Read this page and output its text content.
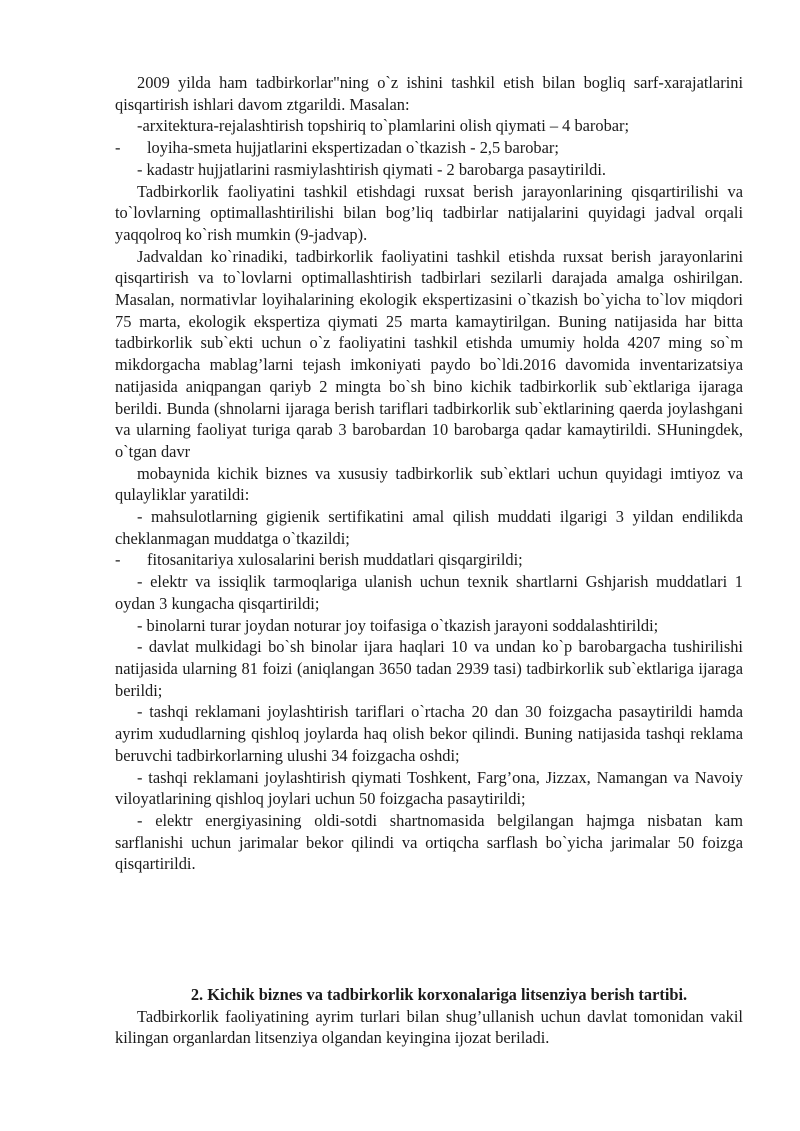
2009 yilda ham tadbirkorlar"ning o`z ishini tashkil etish bilan bogliq sarf-xarajatlarini qisqartirish ishlari davom ztgarildi. Masalan:

-arxitektura-rejalashtirish topshiriq to`plamlarini olish qiymati – 4 barobar;

-	loyiha-smeta hujjatlarini ekspertizadan o`tkazish - 2,5 barobar;

- kadastr hujjatlarini rasmiylashtirish qiymati - 2 barobarga pasaytirildi.

Tadbirkorlik faoliyatini tashkil etishdagi ruxsat berish jarayonlarining qisqartirilishi va to`lovlarning optimallashtirilishi bilan bog’liq tadbirlar natijalarini quyidagi jadval orqali yaqqolroq ko`rish mumkin (9-jadvap).

Jadvaldan ko`rinadiki, tadbirkorlik faoliyatini tashkil etishda ruxsat berish jarayonlarini qisqartirish va to`lovlarni optimallashtirish tadbirlari sezilarli darajada amalga oshirilgan. Masalan, normativlar loyihalarining ekologik ekspertizasini o`tkazish bo`yicha to`lov miqdori 75 marta, ekologik ekspertiza qiymati 25 marta kamaytirilgan. Buning natijasida har bitta tadbirkorlik sub`ekti uchun o`z faoliyatini tashkil etishda umumiy holda 4207 ming so`m mikdorgacha mablag’larni tejash imkoniyati paydo bo`ldi.2016 davomida inventarizatsiya natijasida aniqpangan qariyb 2 mingta bo`sh bino kichik tadbirkorlik sub`ektlariga ijaraga berildi. Bunda (shnolarni ijaraga berish tariflari tadbirkorlik sub`ektlarining qaerda joylashgani va ularning faoliyat turiga qarab 3 barobardan 10 barobarga qadar kamaytirildi. SHuningdek, o`tgan davr

mobaynida kichik biznes va xususiy tadbirkorlik sub`ektlari uchun quyidagi imtiyoz va qulayliklar yaratildi:

- mahsulotlarning gigienik sertifikatini amal qilish muddati ilgarigi 3 yildan endilikda cheklanmagan muddatga o`tkazildi;

-	fitosanitariya xulosalarini berish muddatlari qisqargirildi;

- elektr va issiqlik tarmoqlariga ulanish uchun texnik shartlarni Gshjarish muddatlari 1 oydan 3 kungacha qisqartirildi;

- binolarni turar joydan noturar joy toifasiga o`tkazish jarayoni soddalashtirildi;

- davlat mulkidagi bo`sh binolar ijara haqlari 10 va undan ko`p barobargacha tushirilishi natijasida ularning 81 foizi (aniqlangan 3650 tadan 2939 tasi) tadbirkorlik sub`ektlariga ijaraga berildi;

- tashqi reklamani joylashtirish tariflari o`rtacha 20 dan 30 foizgacha pasaytirildi hamda ayrim xududlarning qishloq joylarda haq olish bekor qilindi. Buning natijasida tashqi reklama beruvchi tadbirkorlarning ulushi 34 foizgacha oshdi;

- tashqi reklamani joylashtirish qiymati Toshkent, Farg’ona, Jizzax, Namangan va Navoiy viloyatlarining qishloq joylari uchun 50 foizgacha pasaytirildi;

- elektr energiyasining oldi-sotdi shartnomasida belgilangan hajmga nisbatan kam sarflanishi uchun jarimalar bekor qilindi va ortiqcha sarflash bo`yicha jarimalar 50 foizga qisqartirildi.

2. Kichik biznes va tadbirkorlik korxonalariga litsenziya berish tartibi.

Tadbirkorlik faoliyatining ayrim turlari bilan shug’ullanish uchun davlat tomonidan vakil kilingan organlardan litsenziya olgandan keyingina ijozat beriladi.
